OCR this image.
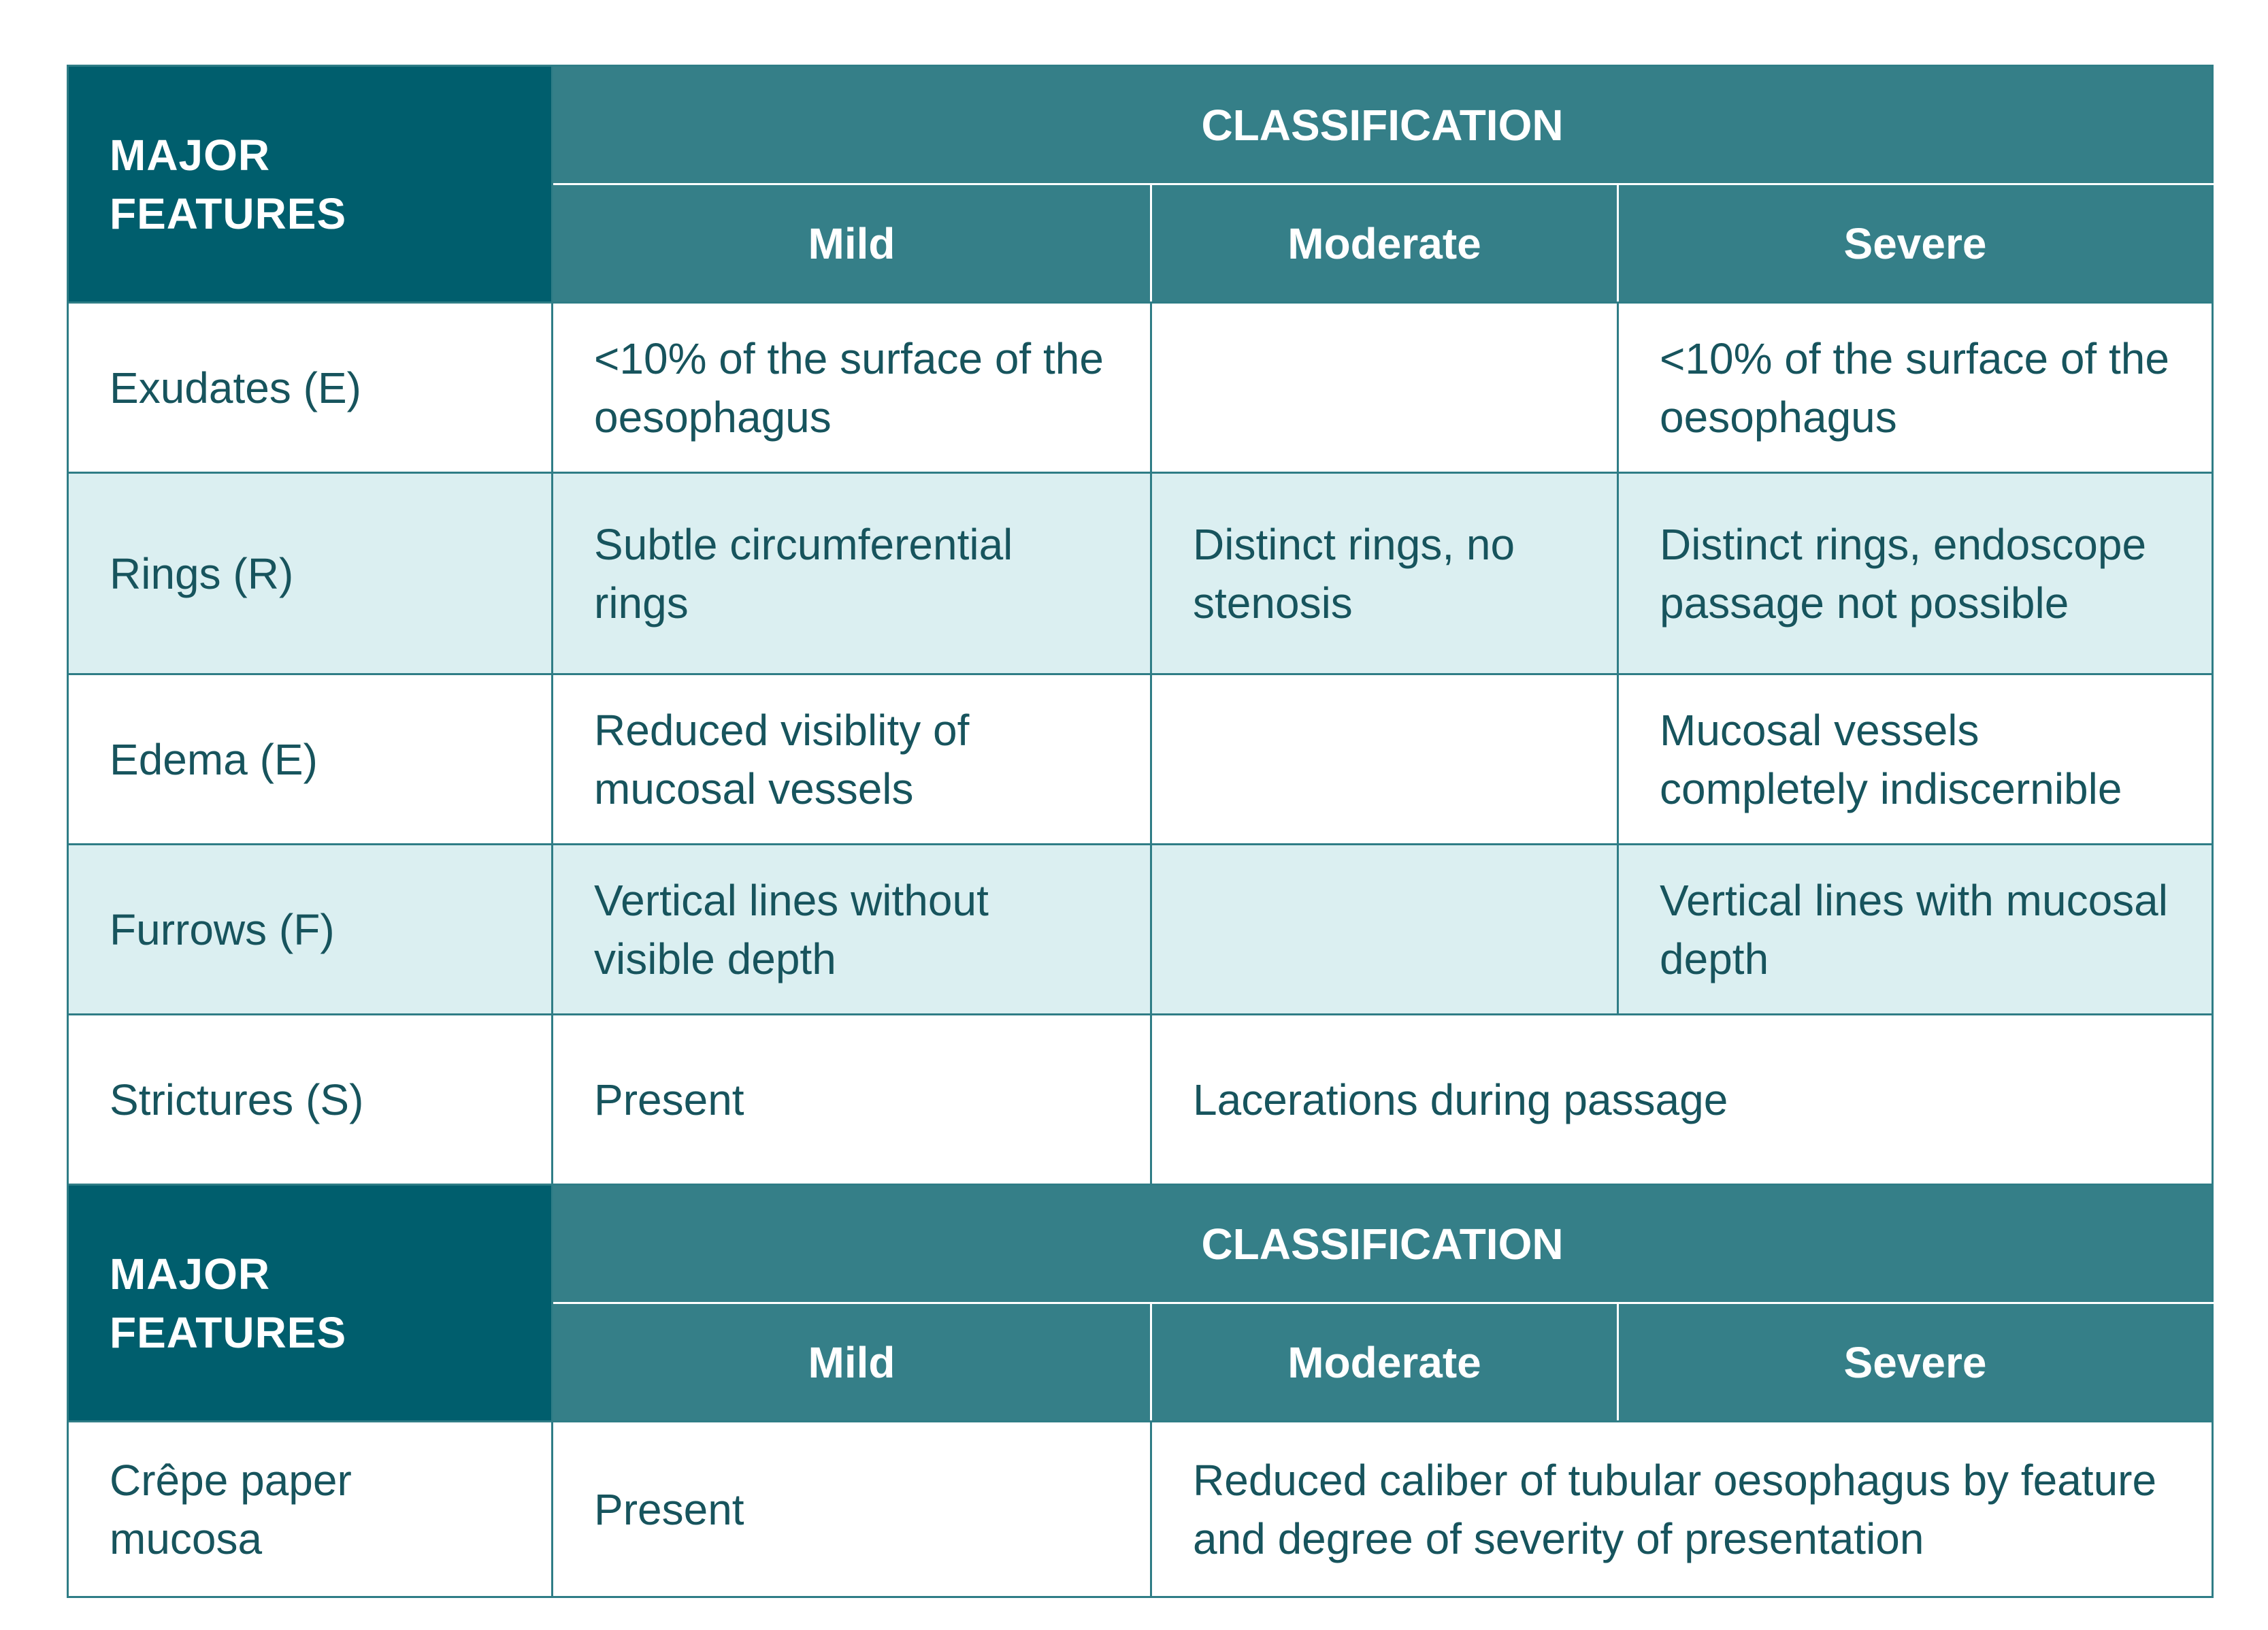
MAJOR FEATURES	CLASSIFICATION		
	Mild	Moderate	Severe
Exudates (E)	<10% of the surface of the oesophagus		<10% of the surface of the oesophagus
Rings (R)	Subtle circumferential rings	Distinct rings, no stenosis	Distinct rings, endoscope passage not possible
Edema (E)	Reduced visiblity of mucosal vessels		Mucosal vessels completely indiscernible
Furrows (F)	Vertical lines without visible depth		Vertical lines with mucosal depth
Strictures (S)	Present	Lacerations during passage	
MAJOR FEATURES	CLASSIFICATION		
	Mild	Moderate	Severe
Crêpe paper mucosa	Present	Reduced caliber of tubular oesophagus by feature and degree of severity of presentation	
